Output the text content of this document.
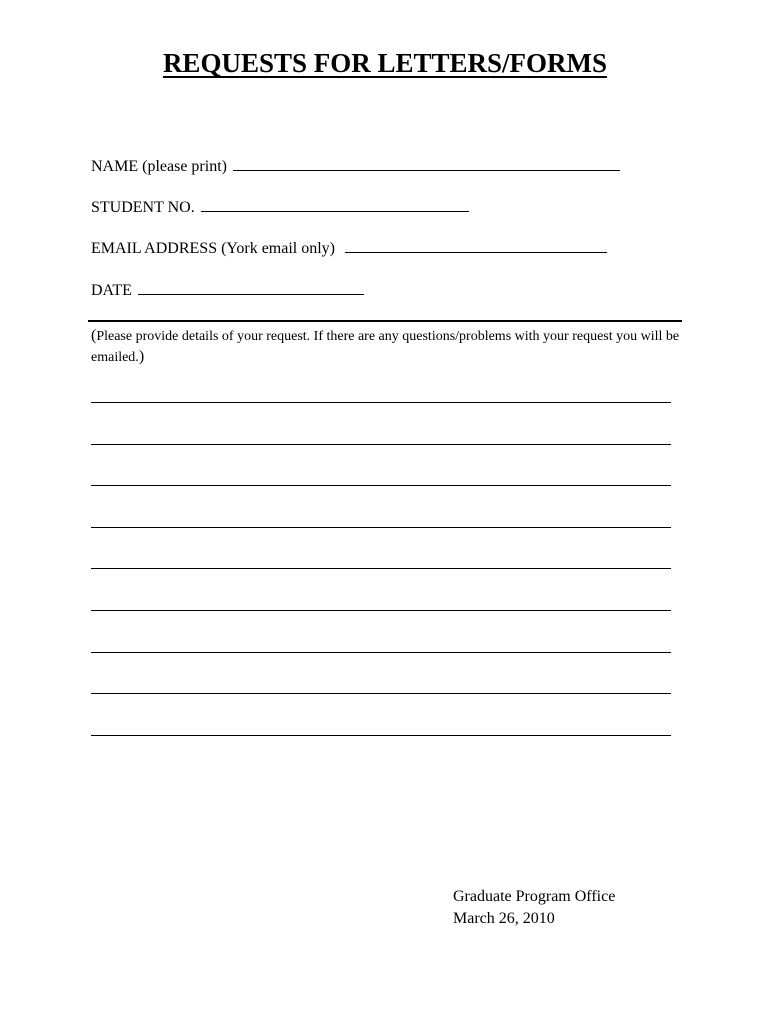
REQUESTS FOR LETTERS/FORMS
NAME (please print)
STUDENT NO.
EMAIL ADDRESS (York email only)
DATE
(Please provide details of your request. If there are any questions/problems with your request you will be emailed.)
Graduate Program Office
March 26, 2010
